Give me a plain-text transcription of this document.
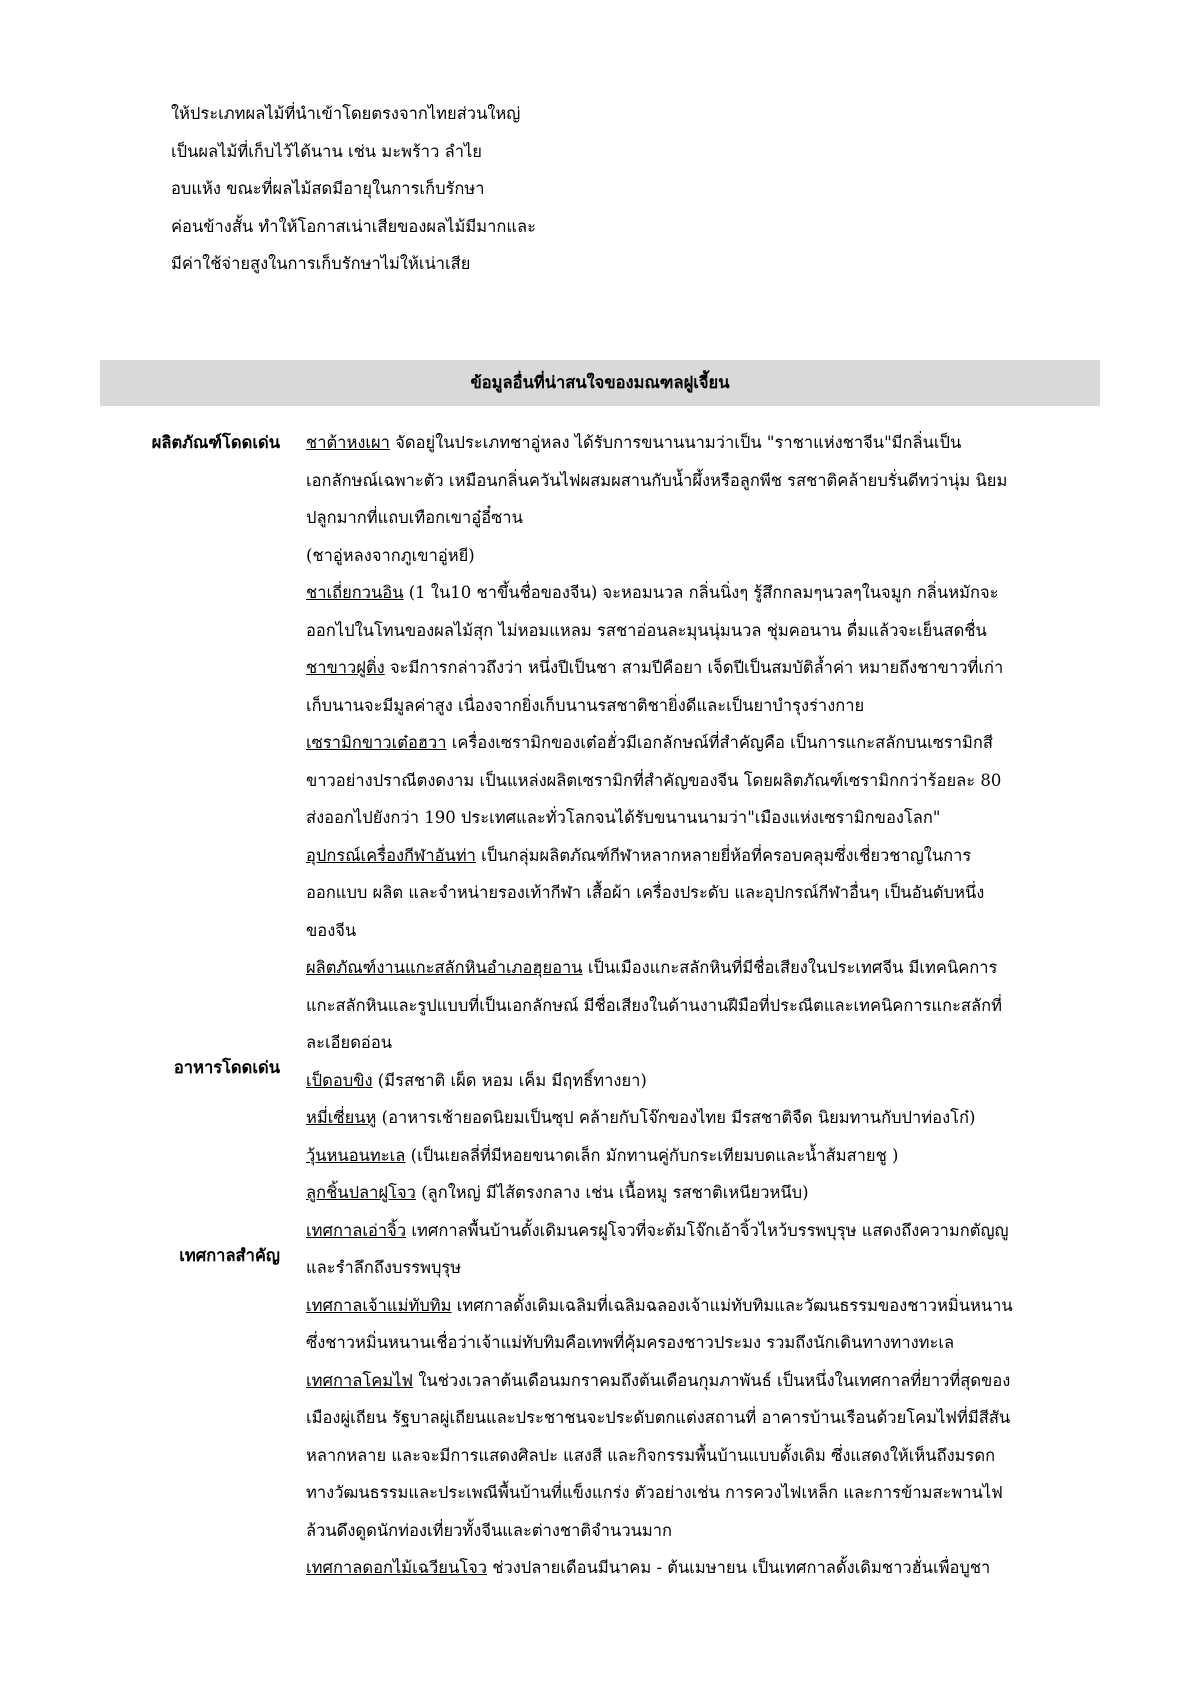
ให้ประเภทผลไม้ที่นำเข้าโดยตรงจากไทยส่วนใหญ่
เป็นผลไม้ที่เก็บไว้ได้นาน เช่น มะพร้าว ลำไย
อบแห้ง ขณะที่ผลไม้สดมีอายุในการเก็บรักษา
ค่อนข้างสั้น ทำให้โอกาสเน่าเสียของผลไม้มีมากและ
มีค่าใช้จ่ายสูงในการเก็บรักษาไม่ให้เน่าเสีย
ข้อมูลอื่นที่น่าสนใจของมณฑลฝูเจี้ยน
ผลิตภัณฑ์โดดเด่น
อาหารโดดเด่น
เทศกาลสำคัญ
ชาต้าหงเผา จัดอยู่ในประเภทชาอู่หลง ได้รับการขนานนามว่าเป็น "ราชาแห่งชาจีน"มีกลิ่นเป็น
เอกลักษณ์เฉพาะตัว เหมือนกลิ่นควันไฟผสมผสานกับน้ำผึ้งหรือลูกพีช รสชาติคล้ายบรั่นดีทว่านุ่ม นิยม
ปลูกมากที่แถบเทือกเขาอู๋อี๋ซาน
(ชาอู่หลงจากภูเขาอู่หยี)
ชาเถี่ยกวนอิน (1 ใน10 ชาขึ้นชื่อของจีน) จะหอมนวล กลิ่นนิ่งๆ รู้สึกกลมๆนวลๆในจมูก กลิ่นหมักจะ
ออกไปในโทนของผลไม้สุก ไม่หอมแหลม รสชาอ่อนละมุนนุ่มนวล ชุ่มคอนาน ดื่มแล้วจะเย็นสดชื่น
ชาขาวฝูติ่ง จะมีการกล่าวถึงว่า หนึ่งปีเป็นชา สามปีคือยา เจ็ดปีเป็นสมบัติล้ำค่า หมายถึงชาขาวที่เก่า
เก็บนานจะมีมูลค่าสูง เนื่องจากยิ่งเก็บนานรสชาติชายิ่งดีและเป็นยาบำรุงร่างกาย
เซรามิกขาวเต๋อฮวา เครื่องเซรามิกของเต๋อฮั่วมีเอกลักษณ์ที่สำคัญคือ เป็นการแกะสลักบนเซรามิกสี
ขาวอย่างปราณีตงดงาม เป็นแหล่งผลิตเซรามิกที่สำคัญของจีน โดยผลิตภัณฑ์เซรามิกกว่าร้อยละ 80
ส่งออกไปยังกว่า 190 ประเทศและทั่วโลกจนได้รับขนานนามว่า"เมืองแห่งเซรามิกของโลก"
อุปกรณ์เครื่องกีฬาอันท่า เป็นกลุ่มผลิตภัณฑ์กีฬาหลากหลายยี่ห้อที่ครอบคลุมซึ่งเชี่ยวชาญในการ
ออกแบบ ผลิต และจำหน่ายรองเท้ากีฬา เสื้อผ้า เครื่องประดับ และอุปกรณ์กีฬาอื่นๆ เป็นอันดับหนึ่ง
ของจีน
ผลิตภัณฑ์งานแกะสลักหินอำเภอฮุยอาน เป็นเมืองแกะสลักหินที่มีชื่อเสียงในประเทศจีน มีเทคนิคการ
แกะสลักหินและรูปแบบที่เป็นเอกลักษณ์ มีชื่อเสียงในด้านงานฝีมือที่ประณีตและเทคนิคการแกะสลักที่
ละเอียดอ่อน
เป็ดอบขิง (มีรสชาติ เผ็ด หอม เค็ม มีฤทธิ์ทางยา)
หมี่เซี่ยนหู (อาหารเช้ายอดนิยมเป็นซุป คล้ายกับโจ๊กของไทย มีรสชาติจืด นิยมทานกับปาท่องโก๋)
วุ้นหนอนทะเล (เป็นเยลลี่ที่มีหอยขนาดเล็ก มักทานคู่กับกระเทียมบดและน้ำส้มสายชู )
ลูกชิ้นปลาฝูโจว (ลูกใหญ่ มีไส้ตรงกลาง เช่น เนื้อหมู รสชาติเหนียวหนึบ)
เทศกาลเอ่าจิ้ว เทศกาลพื้นบ้านดั้งเดิมนครฝูโจวที่จะต้มโจ๊กเอ้าจิ้วไหว้บรรพบุรุษ แสดงถึงความกตัญญู
และรำลึกถึงบรรพบุรุษ
เทศกาลเจ้าแม่ทับทิม เทศกาลดั้งเดิมเฉลิมที่เฉลิมฉลองเจ้าแม่ทับทิมและวัฒนธรรมของชาวหมิ่นหนาน
ซึ่งชาวหมิ่นหนานเชื่อว่าเจ้าแม่ทับทิมคือเทพที่คุ้มครองชาวประมง รวมถึงนักเดินทางทางทะเล
เทศกาลโคมไฟ ในช่วงเวลาต้นเดือนมกราคมถึงต้นเดือนกุมภาพันธ์ เป็นหนึ่งในเทศกาลที่ยาวที่สุดของ
เมืองผู่เถียน รัฐบาลผู่เถียนและประชาชนจะประดับตกแต่งสถานที่ อาคารบ้านเรือนด้วยโคมไฟที่มีสีสัน
หลากหลาย และจะมีการแสดงศิลปะ แสงสี และกิจกรรมพื้นบ้านแบบดั้งเดิม ซึ่งแสดงให้เห็นถึงมรดก
ทางวัฒนธรรมและประเพณีพื้นบ้านที่แข็งแกร่ง ตัวอย่างเช่น การควงไฟเหล็ก และการข้ามสะพานไฟ
ล้วนดึงดูดนักท่องเที่ยวทั้งจีนและต่างชาติจำนวนมาก
เทศกาลดอกไม้เฉวียนโจว ช่วงปลายเดือนมีนาคม - ต้นเมษายน เป็นเทศกาลดั้งเดิมชาวฮั่นเพื่อบูชา
